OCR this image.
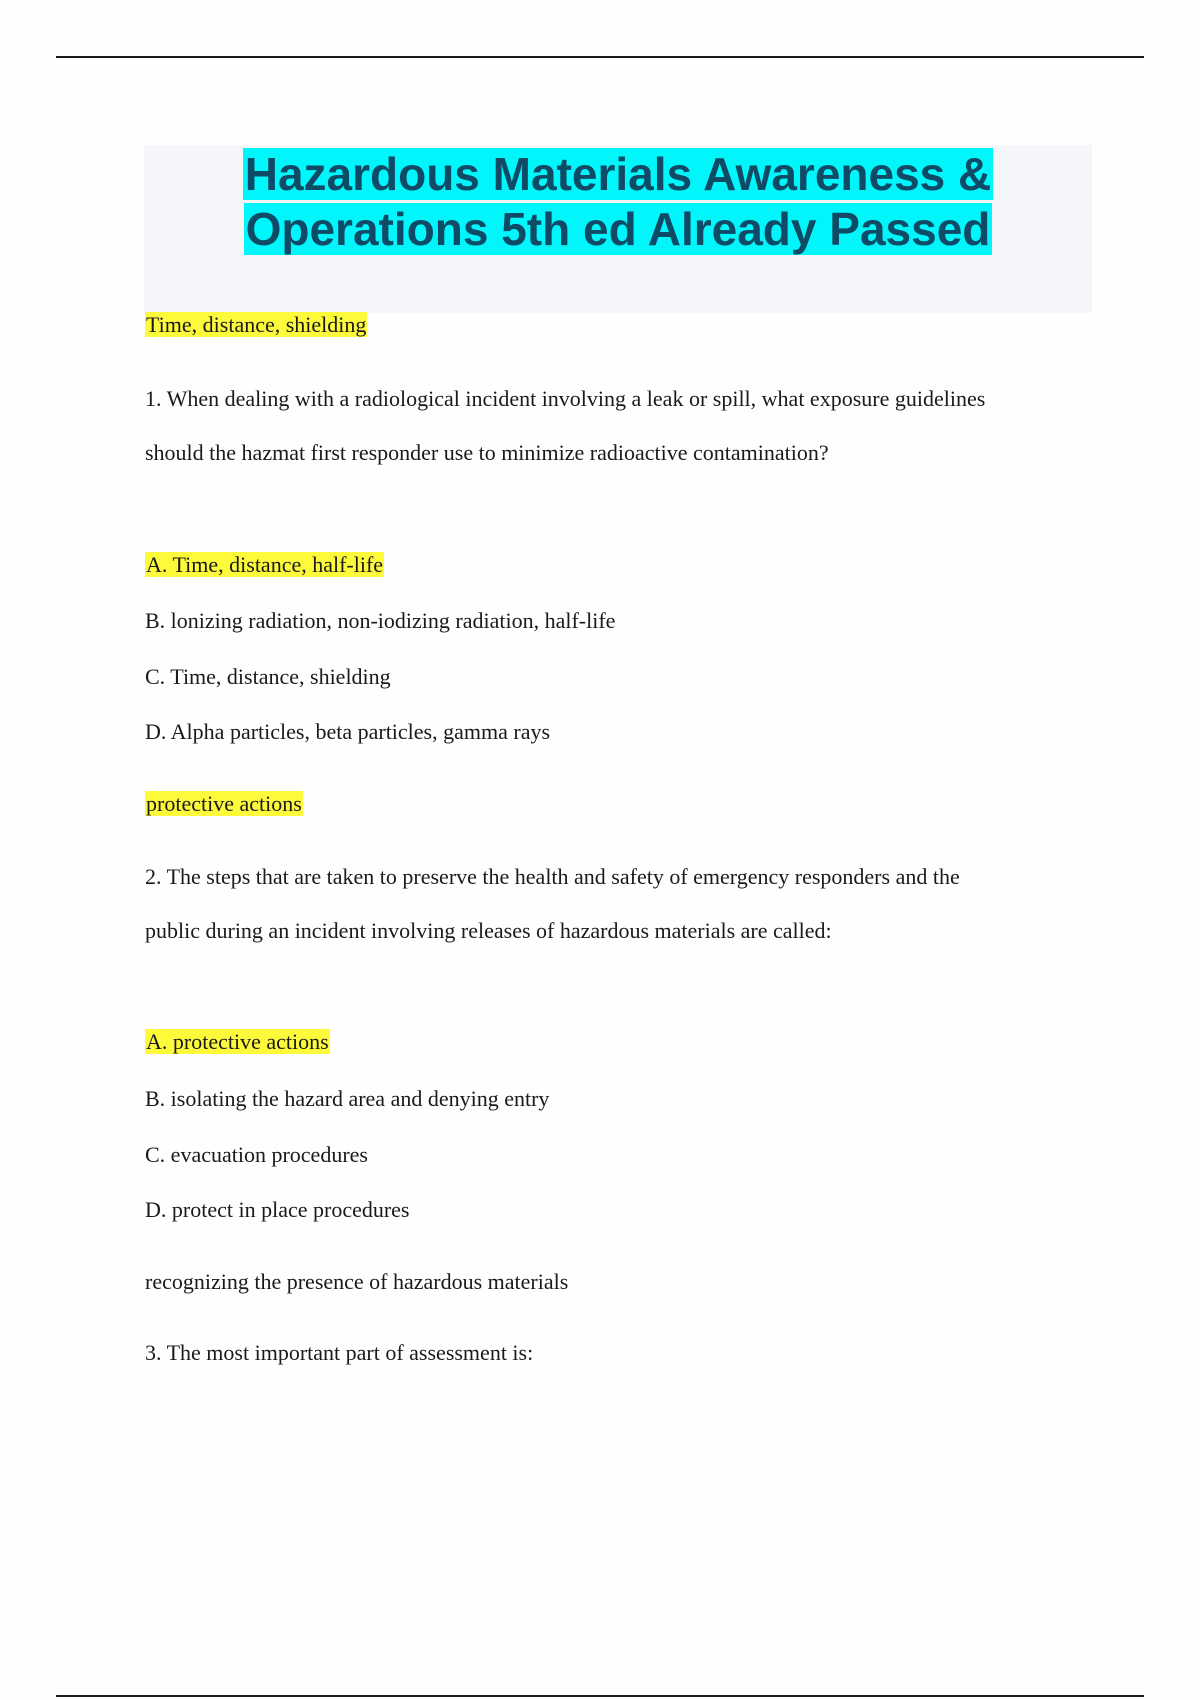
Hazardous Materials Awareness &
Operations 5th ed Already Passed
Time, distance, shielding
1. When dealing with a radiological incident involving a leak or spill, what exposure guidelines
should the hazmat first responder use to minimize radioactive contamination?
A. Time, distance, half-life
B. lonizing radiation, non-iodizing radiation, half-life
C. Time, distance, shielding
D. Alpha particles, beta particles, gamma rays
protective actions
2. The steps that are taken to preserve the health and safety of emergency responders and the
public during an incident involving releases of hazardous materials are called:
A. protective actions
B. isolating the hazard area and denying entry
C. evacuation procedures
D. protect in place procedures
recognizing the presence of hazardous materials
3. The most important part of assessment is:
